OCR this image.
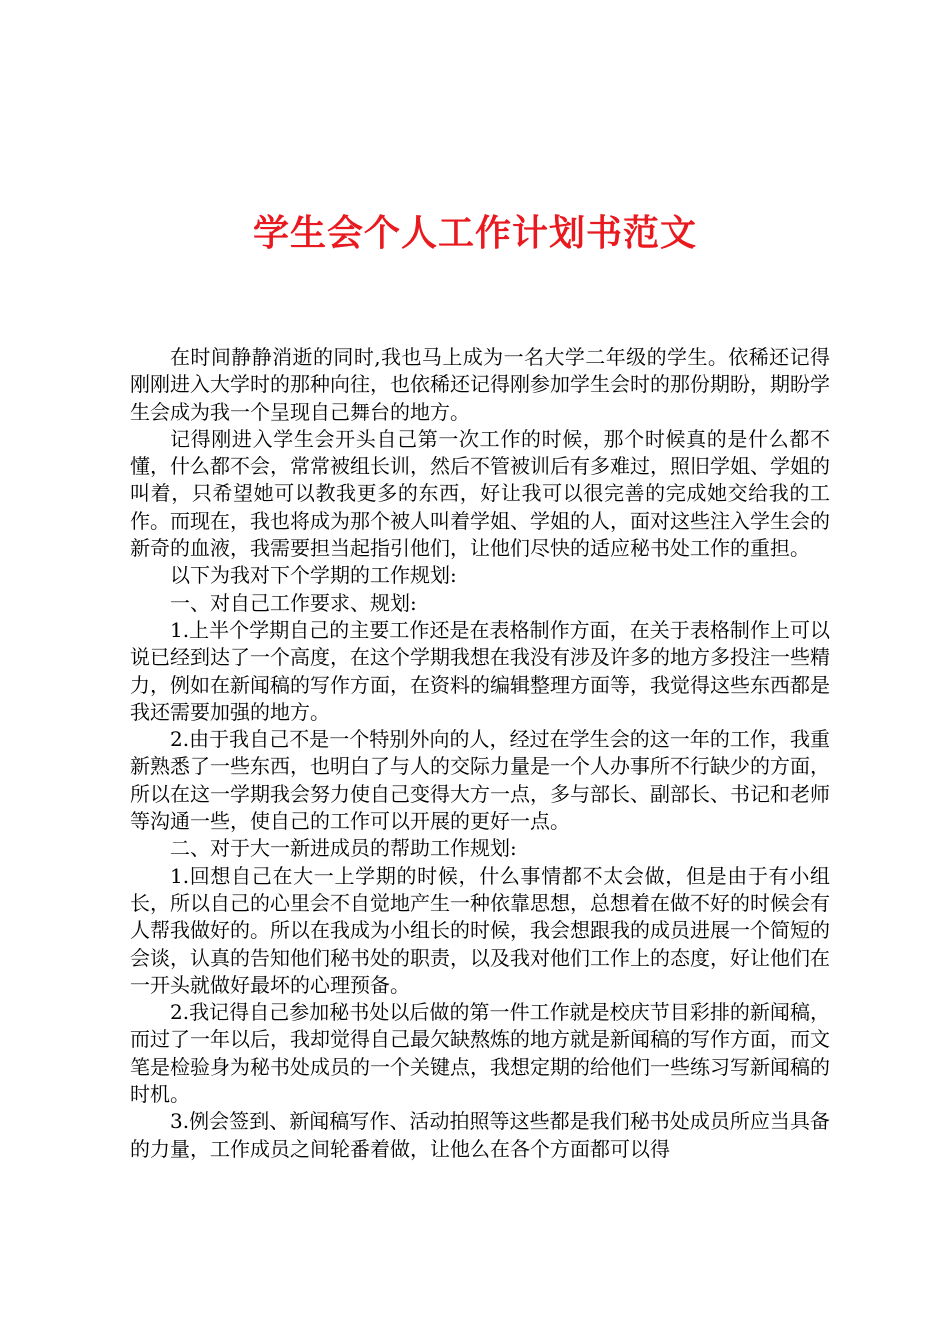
学生会个人工作计划书范文

在时间静静消逝的同时,我也马上成为一名大学二年级的学生。依稀还记得刚刚进入大学时的那种向往，也依稀还记得刚参加学生会时的那份期盼，期盼学生会成为我一个呈现自己舞台的地方。

记得刚进入学生会开头自己第一次工作的时候，那个时候真的是什么都不懂，什么都不会，常常被组长训，然后不管被训后有多难过，照旧学姐、学姐的叫着，只希望她可以教我更多的东西，好让我可以很完善的完成她交给我的工作。而现在，我也将成为那个被人叫着学姐、学姐的人，面对这些注入学生会的新奇的血液，我需要担当起指引他们，让他们尽快的适应秘书处工作的重担。

以下为我对下个学期的工作规划:

一、对自己工作要求、规划:

1.上半个学期自己的主要工作还是在表格制作方面，在关于表格制作上可以说已经到达了一个高度，在这个学期我想在我没有涉及许多的地方多投注一些精力，例如在新闻稿的写作方面，在资料的编辑整理方面等，我觉得这些东西都是我还需要加强的地方。

2.由于我自己不是一个特别外向的人，经过在学生会的这一年的工作，我重新熟悉了一些东西，也明白了与人的交际力量是一个人办事所不行缺少的方面，所以在这一学期我会努力使自己变得大方一点，多与部长、副部长、书记和老师等沟通一些，使自己的工作可以开展的更好一点。

二、对于大一新进成员的帮助工作规划:

1.回想自己在大一上学期的时候，什么事情都不太会做，但是由于有小组长，所以自己的心里会不自觉地产生一种依靠思想，总想着在做不好的时候会有人帮我做好的。所以在我成为小组长的时候，我会想跟我的成员进展一个简短的会谈，认真的告知他们秘书处的职责，以及我对他们工作上的态度，好让他们在一开头就做好最坏的心理预备。

2.我记得自己参加秘书处以后做的第一件工作就是校庆节目彩排的新闻稿，而过了一年以后，我却觉得自己最欠缺熬炼的地方就是新闻稿的写作方面，而文笔是检验身为秘书处成员的一个关键点，我想定期的给他们一些练习写新闻稿的时机。

3.例会签到、新闻稿写作、活动拍照等这些都是我们秘书处成员所应当具备的力量，工作成员之间轮番着做，让他么在各个方面都可以得
